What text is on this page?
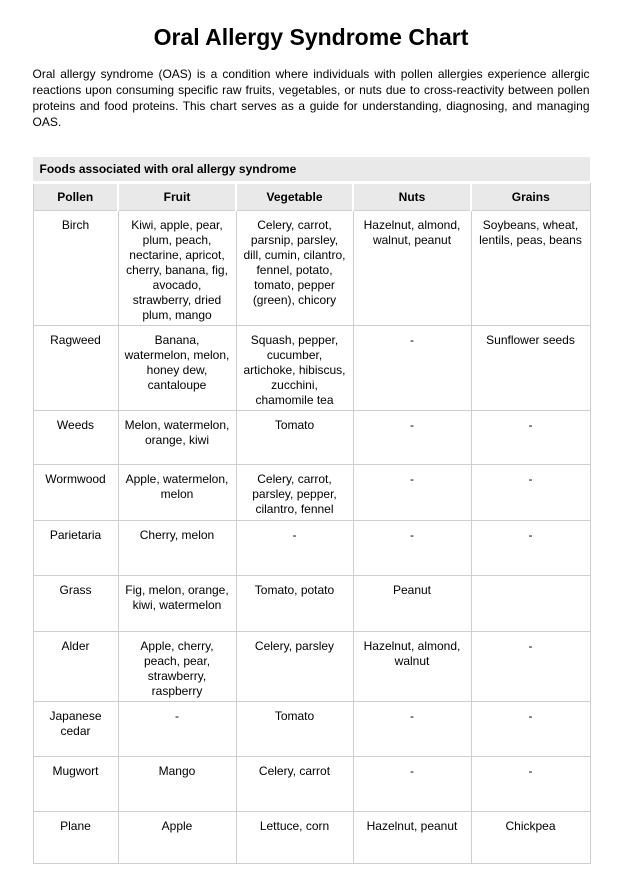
Oral Allergy Syndrome Chart

Oral allergy syndrome (OAS) is a condition where individuals with pollen allergies experience allergic reactions upon consuming specific raw fruits, vegetables, or nuts due to cross-reactivity between pollen proteins and food proteins. This chart serves as a guide for understanding, diagnosing, and managing OAS.

Foods associated with oral allergy syndrome
Pollen	Fruit	Vegetable	Nuts	Grains
Birch	Kiwi, apple, pear, plum, peach, nectarine, apricot, cherry, banana, fig, avocado, strawberry, dried plum, mango	Celery, carrot, parsnip, parsley, dill, cumin, cilantro, fennel, potato, tomato, pepper (green), chicory	Hazelnut, almond, walnut, peanut	Soybeans, wheat, lentils, peas, beans
Ragweed	Banana, watermelon, melon, honey dew, cantaloupe	Squash, pepper, cucumber, artichoke, hibiscus, zucchini, chamomile tea	-	Sunflower seeds
Weeds	Melon, watermelon, orange, kiwi	Tomato	-	-
Wormwood	Apple, watermelon, melon	Celery, carrot, parsley, pepper, cilantro, fennel	-	-
Parietaria	Cherry, melon	-	-	-
Grass	Fig, melon, orange, kiwi, watermelon	Tomato, potato	Peanut	
Alder	Apple, cherry, peach, pear, strawberry, raspberry	Celery, parsley	Hazelnut, almond, walnut	-
Japanese cedar	-	Tomato	-	-
Mugwort	Mango	Celery, carrot	-	-
Plane	Apple	Lettuce, corn	Hazelnut, peanut	Chickpea
